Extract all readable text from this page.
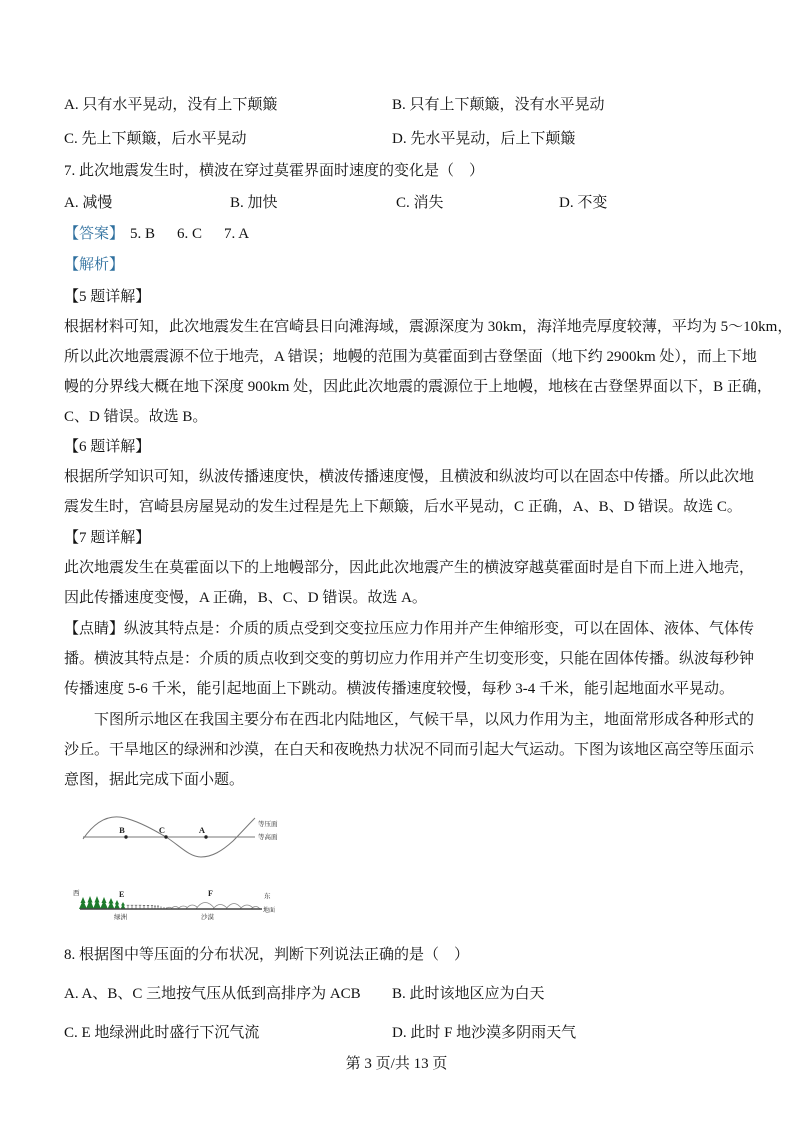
A. 只有水平晃动，没有上下颠簸	B. 只有上下颠簸，没有水平晃动
C. 先上下颠簸，后水平晃动	D. 先水平晃动，后上下颠簸
7. 此次地震发生时，横波在穿过莫霍界面时速度的变化是（　）
A. 减慢	B. 加快	C. 消失	D. 不变
【答案】 5. B 6. C 7. A
【解析】
【5 题详解】
根据材料可知，此次地震发生在宫崎县日向滩海域，震源深度为 30km，海洋地壳厚度较薄，平均为 5～10km，
所以此次地震震源不位于地壳，A 错误；地幔的范围为莫霍面到古登堡面（地下约 2900km 处），而上下地
幔的分界线大概在地下深度 900km 处，因此此次地震的震源位于上地幔，地核在古登堡界面以下，B 正确，
C、D 错误。故选 B。
【6 题详解】
根据所学知识可知，纵波传播速度快，横波传播速度慢，且横波和纵波均可以在固态中传播。所以此次地
震发生时，宫崎县房屋晃动的发生过程是先上下颠簸，后水平晃动，C 正确，A、B、D 错误。故选 C。
【7 题详解】
此次地震发生在莫霍面以下的上地幔部分，因此此次地震产生的横波穿越莫霍面时是自下而上进入地壳，
因此传播速度变慢，A 正确，B、C、D 错误。故选 A。
【点睛】纵波其特点是：介质的质点受到交变拉压应力作用并产生伸缩形变，可以在固体、液体、气体传
播。横波其特点是：介质的质点收到交变的剪切应力作用并产生切变形变，只能在固体传播。纵波每秒钟
传播速度 5-6 千米，能引起地面上下跳动。横波传播速度较慢，每秒 3-4 千米，能引起地面水平晃动。
下图所示地区在我国主要分布在西北内陆地区，气候干旱，以风力作用为主，地面常形成各种形式的
沙丘。干旱地区的绿洲和沙漠，在白天和夜晚热力状况不同而引起大气运动。下图为该地区高空等压面示
意图，据此完成下面小题。
B	C	A
等压面
等高面
西	E	F	东
地面
绿洲	沙漠
8. 根据图中等压面的分布状况，判断下列说法正确的是（　）
A. A、B、C 三地按气压从低到高排序为 ACB	B. 此时该地区应为白天
C. E 地绿洲此时盛行下沉气流	D. 此时 F 地沙漠多阴雨天气
第 3 页/共 13 页
